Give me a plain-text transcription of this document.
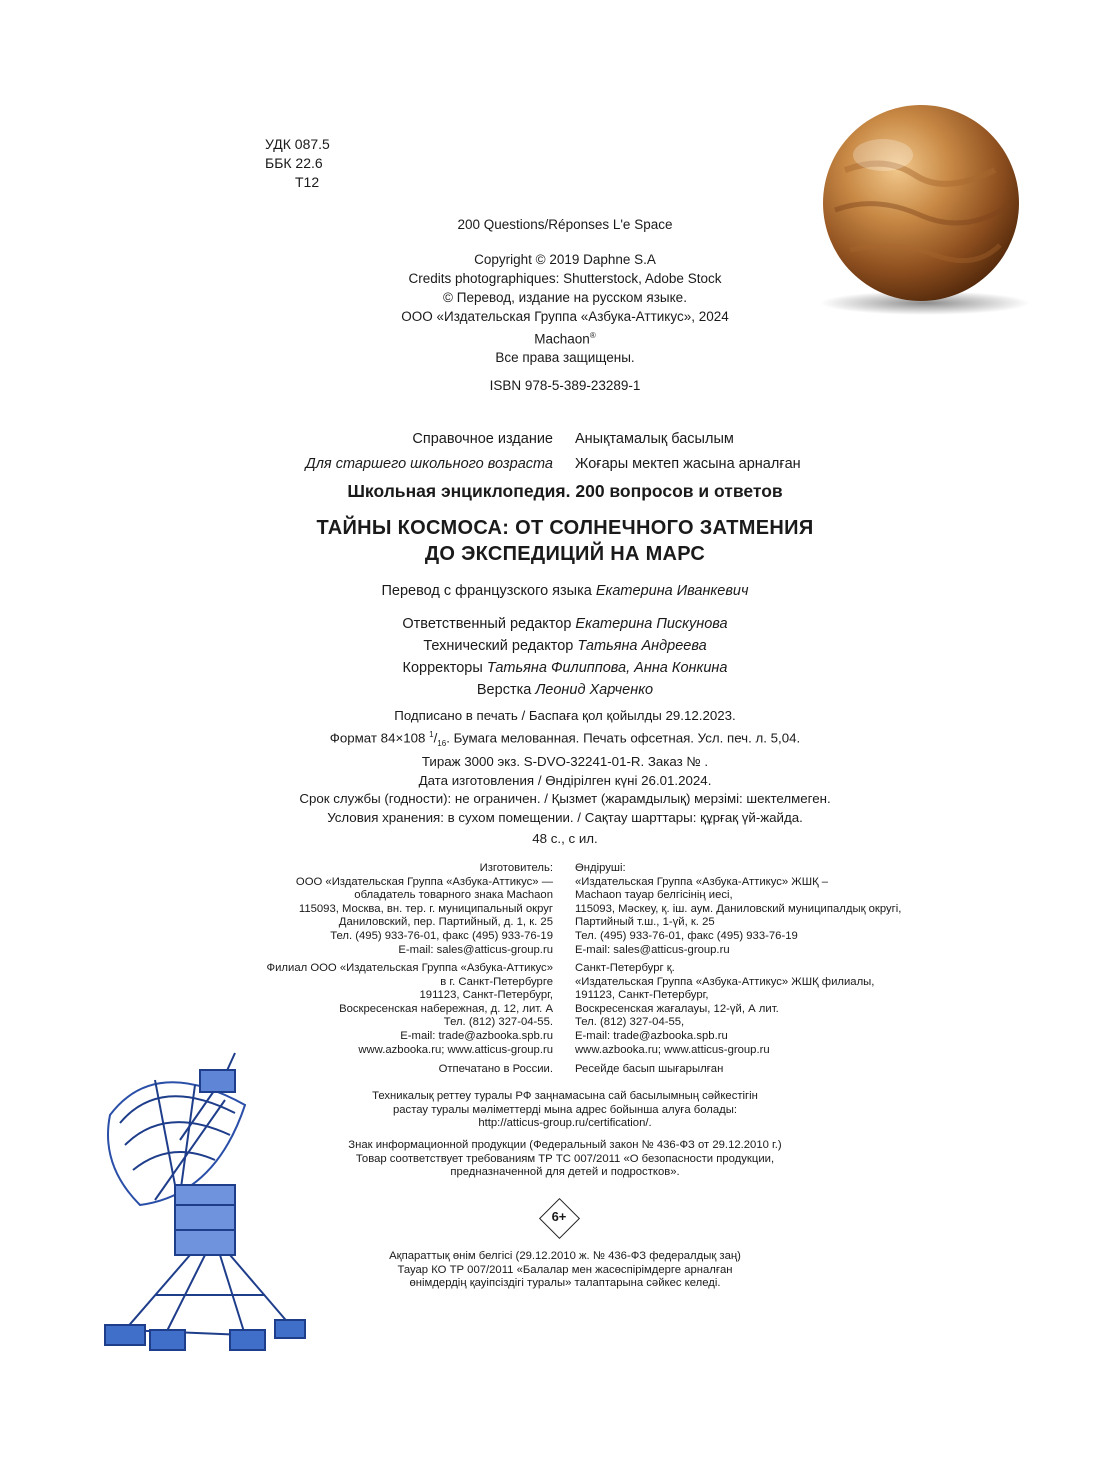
УДК 087.5
ББК 22.6
Т12
200 Questions/Réponses L'e Space
Copyright © 2019 Daphne S.A
Credits photographiques: Shutterstock, Adobe Stock
© Перевод, издание на русском языке.
ООО «Издательская Группа «Азбука-Аттикус», 2024
Machaon®
Все права защищены.
ISBN 978-5-389-23289-1
Справочное издание Анықтамалық басылым
Для старшего школьного возраста Жоғары мектеп жасына арналған
Школьная энциклопедия. 200 вопросов и ответов
ТАЙНЫ КОСМОСА: ОТ СОЛНЕЧНОГО ЗАТМЕНИЯ
ДО ЭКСПЕДИЦИЙ НА МАРС
Перевод с французского языка Екатерина Иванкевич
Ответственный редактор Екатерина Пискунова
Технический редактор Татьяна Андреева
Корректоры Татьяна Филиппова, Анна Конкина
Верстка Леонид Харченко
Подписано в печать / Баспаға қол қойылды 29.12.2023.
Формат 84×108 $^1/_{16}$. Бумага мелованная. Печать офсетная. Усл. печ. л. 5,04.
Тираж 3000 экз. S-DVO-32241-01-R. Заказ № .
Дата изготовления / Өндірілген күні 26.01.2024.
Срок службы (годности): не ограничен. / Қызмет (жарамдылық) мерзімі: шектелмеген.
Условия хранения: в сухом помещении. / Сақтау шарттары: құрғақ үй-жайда.
48 с., с ил.
Изготовитель:
ООО «Издательская Группа «Азбука-Аттикус» —
обладатель товарного знака Machaon
115093, Москва, вн. тер. г. муниципальный округ
Даниловский, пер. Партийный, д. 1, к. 25
Тел. (495) 933-76-01, факс (495) 933-76-19
E-mail: sales@atticus-group.ru
Өндіруші:
«Издательская Группа «Азбука-Аттикус» ЖШҚ –
Machaon тауар белгісінің иесі,
115093, Мәскеу, қ. іш. аум. Даниловский муниципалдық округі,
Партийный т.ш., 1-үй, к. 25
Тел. (495) 933-76-01, факс (495) 933-76-19
E-mail: sales@atticus-group.ru
Филиал ООО «Издательская Группа «Азбука-Аттикус»
в г. Санкт-Петербурге
191123, Санкт-Петербург,
Воскресенская набережная, д. 12, лит. А
Тел. (812) 327-04-55.
E-mail: trade@azbooka.spb.ru
www.azbooka.ru; www.atticus-group.ru
Санкт-Петербург қ.
«Издательская Группа «Азбука-Аттикус» ЖШҚ филиалы,
191123, Санкт-Петербург,
Воскресенская жағалауы, 12-үй, А лит.
Тел. (812) 327-04-55,
E-mail: trade@azbooka.spb.ru
www.azbooka.ru; www.atticus-group.ru
Отпечатано в России. Ресейде басып шығарылған
Техникалық реттеу туралы РФ заңнамасына сай басылымның сәйкестігін
растау туралы мәліметтерді мына адрес бойынша алуға болады:
http://atticus-group.ru/certification/.
Знак информационной продукции (Федеральный закон № 436-ФЗ от 29.12.2010 г.)
Товар соответствует требованиям ТР ТС 007/2011 «О безопасности продукции,
предназначенной для детей и подростков».
6+
Ақпараттық өнім белгісі (29.12.2010 ж. № 436-ФЗ федералдық заң)
Тауар КО ТР 007/2011 «Балалар мен жасөспірімдерге арналған
өнімдердің қауіпсіздігі туралы» талаптарына сәйкес келеді.
